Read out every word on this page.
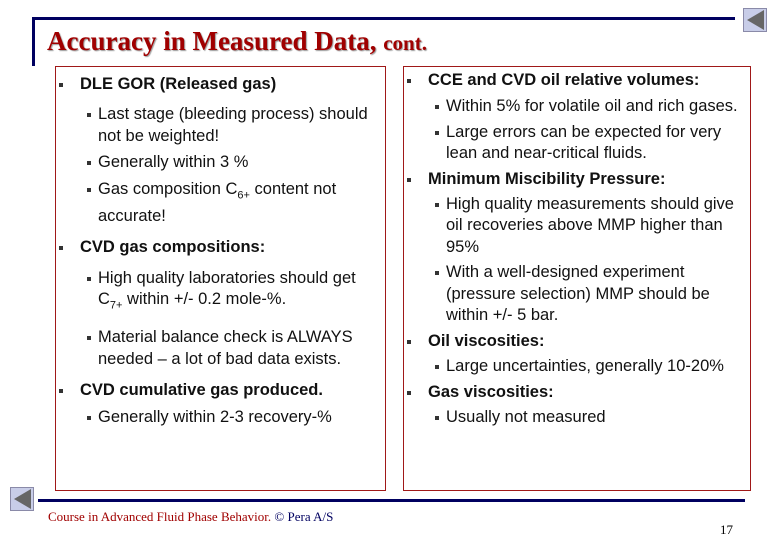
Accuracy in Measured Data, cont.
DLE GOR (Released gas)
Last stage (bleeding process) should not be weighted!
Generally within 3 %
Gas composition $C_{6+}$ content not accurate!
CVD gas compositions:
High quality laboratories should get $C_{7+}$ within +/- 0.2 mole-%.
Material balance check is ALWAYS needed – a lot of bad data exists.
CVD cumulative gas produced.
Generally within 2-3 recovery-%
CCE and CVD oil relative volumes:
Within 5% for volatile oil and rich gases.
Large errors can be expected for very lean and near-critical fluids.
Minimum Miscibility Pressure:
High quality measurements should give oil recoveries above MMP higher than 95%
With a well-designed experiment (pressure selection) MMP should be within +/- 5 bar.
Oil viscosities:
Large uncertainties, generally 10-20%
Gas viscosities:
Usually not measured
Course in Advanced Fluid Phase Behavior. © Pera A/S
17
